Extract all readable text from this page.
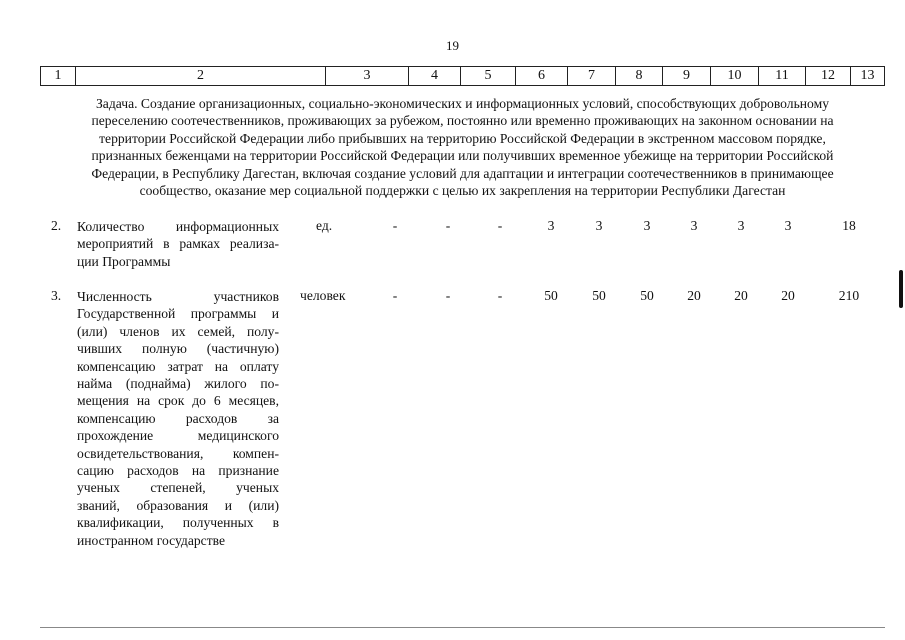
19
1	2	3	4	5	6	7	8	9	10	11	12	13
Задача. Создание организационных, социально-экономических и информационных условий, способствующих добровольному
переселению соотечественников, проживающих за рубежом, постоянно или временно проживающих на законном основании на
территории Российской Федерации либо прибывших на территорию Российской Федерации в экстренном массовом порядке,
признанных беженцами на территории Российской Федерации или получивших временное убежище на территории Российской
Федерации, в Республику Дагестан, включая создание условий для адаптации и интеграции соотечественников в принимающее
сообщество, оказание мер социальной поддержки с целью их закрепления на территории Республики Дагестан
2. Количество информационных
мероприятий в рамках реализа-
ции Программы
ед.	-	-	-	3	3	3	3	3	3	18
3. Численность участников
Государственной программы и
(или) членов их семей, полу-
чивших полную (частичную)
компенсацию затрат на оплату
найма (поднайма) жилого по-
мещения на срок до 6 месяцев,
компенсацию расходов за
прохождение медицинского
освидетельствования, компен-
сацию расходов на признание
ученых степеней, ученых
званий, образования и (или)
квалификации, полученных в
иностранном государстве
человек	-	-	-	50	50	50	20	20	20	210
